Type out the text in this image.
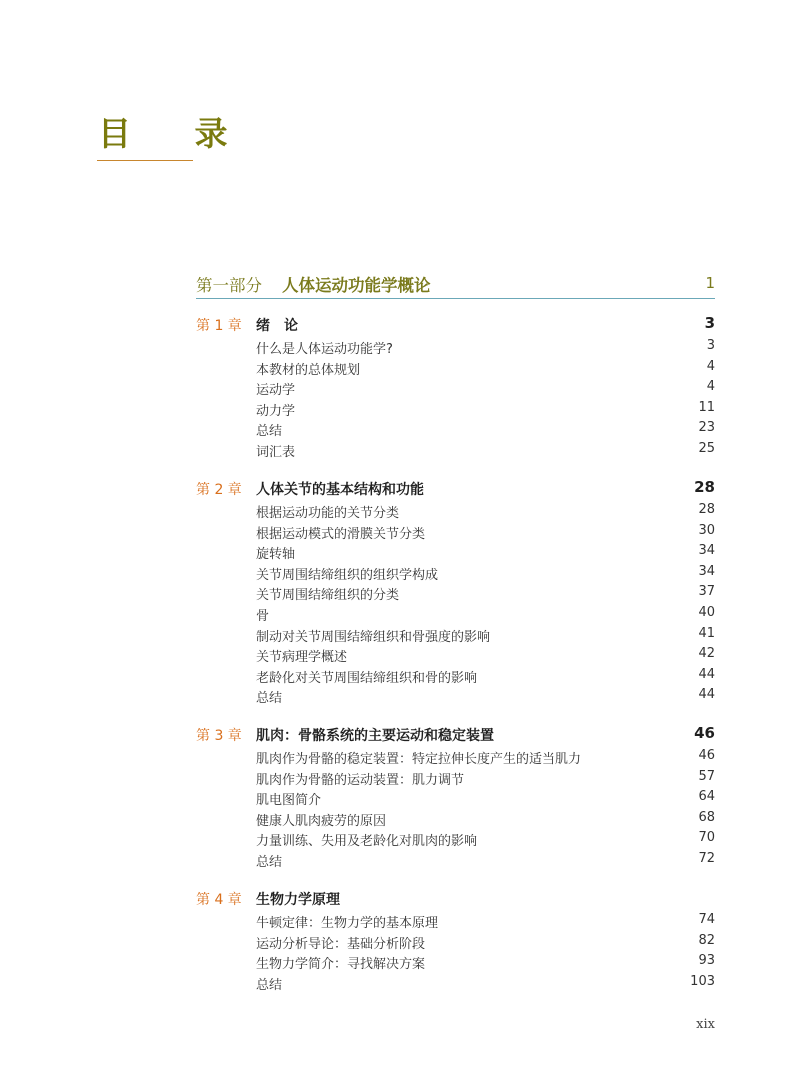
目 录
第一部分 人体运动功能学概论	1
第 1 章 绪　论	3
什么是人体运动功能学?	3
本教材的总体规划	4
运动学	4
动力学	11
总结	23
词汇表	25
第 2 章 人体关节的基本结构和功能	28
根据运动功能的关节分类	28
根据运动模式的滑膜关节分类	30
旋转轴	34
关节周围结缔组织的组织学构成	34
关节周围结缔组织的分类	37
骨	40
制动对关节周围结缔组织和骨强度的影响	41
关节病理学概述	42
老龄化对关节周围结缔组织和骨的影响	44
总结	44
第 3 章 肌肉：骨骼系统的主要运动和稳定装置	46
肌肉作为骨骼的稳定装置：特定拉伸长度产生的适当肌力	46
肌肉作为骨骼的运动装置：肌力调节	57
肌电图简介	64
健康人肌肉疲劳的原因	68
力量训练、失用及老龄化对肌肉的影响	70
总结	72
第 4 章 生物力学原理
牛顿定律：生物力学的基本原理	74
运动分析导论：基础分析阶段	82
生物力学简介：寻找解决方案	93
总结	103
xix
